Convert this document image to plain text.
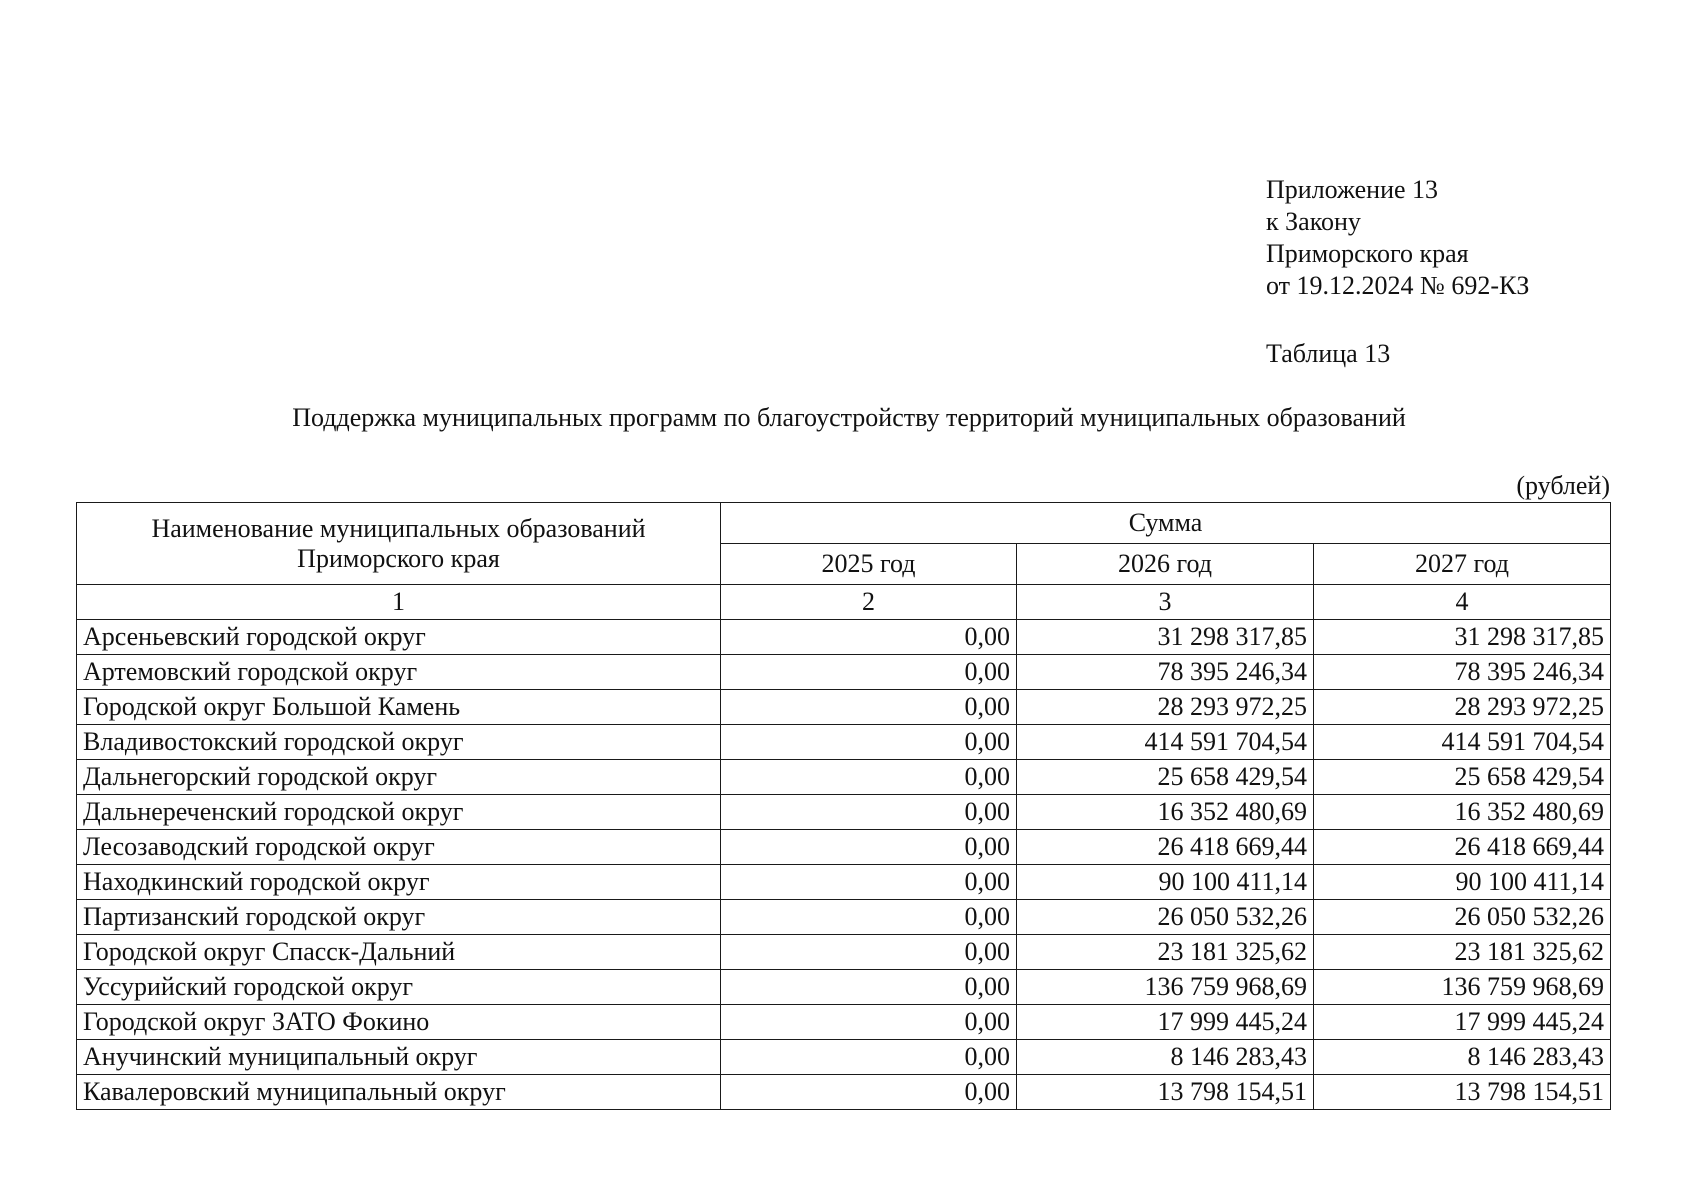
Приложение 13
к Закону
Приморского края
от 19.12.2024 № 692-КЗ
Таблица 13
Поддержка муниципальных программ по благоустройству территорий муниципальных образований
(рублей)
Наименование муниципальных образований Приморского края	Сумма		
	2025 год	2026 год	2027 год
1	2	3	4
Арсеньевский городской округ	0,00	31 298 317,85	31 298 317,85
Артемовский городской округ	0,00	78 395 246,34	78 395 246,34
Городской округ Большой Камень	0,00	28 293 972,25	28 293 972,25
Владивостокский городской округ	0,00	414 591 704,54	414 591 704,54
Дальнегорский городской округ	0,00	25 658 429,54	25 658 429,54
Дальнереченский городской округ	0,00	16 352 480,69	16 352 480,69
Лесозаводский городской округ	0,00	26 418 669,44	26 418 669,44
Находкинский городской округ	0,00	90 100 411,14	90 100 411,14
Партизанский городской округ	0,00	26 050 532,26	26 050 532,26
Городской округ Спасск-Дальний	0,00	23 181 325,62	23 181 325,62
Уссурийский городской округ	0,00	136 759 968,69	136 759 968,69
Городской округ ЗАТО Фокино	0,00	17 999 445,24	17 999 445,24
Анучинский муниципальный округ	0,00	8 146 283,43	8 146 283,43
Кавалеровский муниципальный округ	0,00	13 798 154,51	13 798 154,51
